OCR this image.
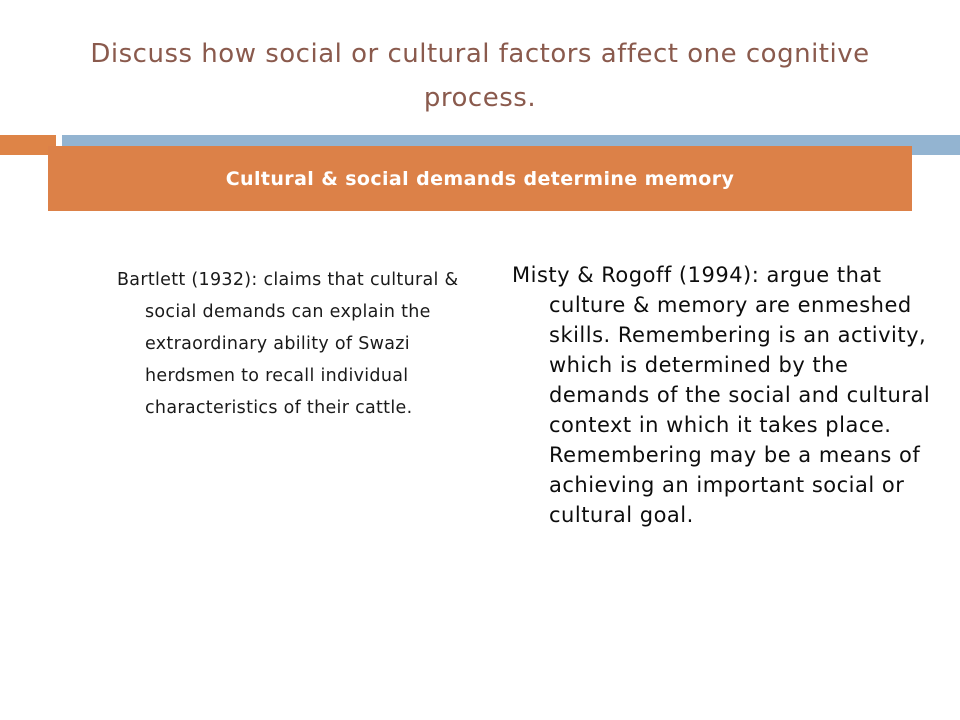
Discuss how social or cultural factors affect one cognitive process.
Cultural & social demands determine memory
Bartlett (1932): claims that cultural & social demands can explain the extraordinary ability of Swazi herdsmen to recall individual characteristics of their cattle.
Misty & Rogoff (1994): argue that culture & memory are enmeshed skills. Remembering is an activity, which is determined by the demands of the social and cultural context in which it takes place. Remembering may be a means of achieving an important social or cultural goal.
